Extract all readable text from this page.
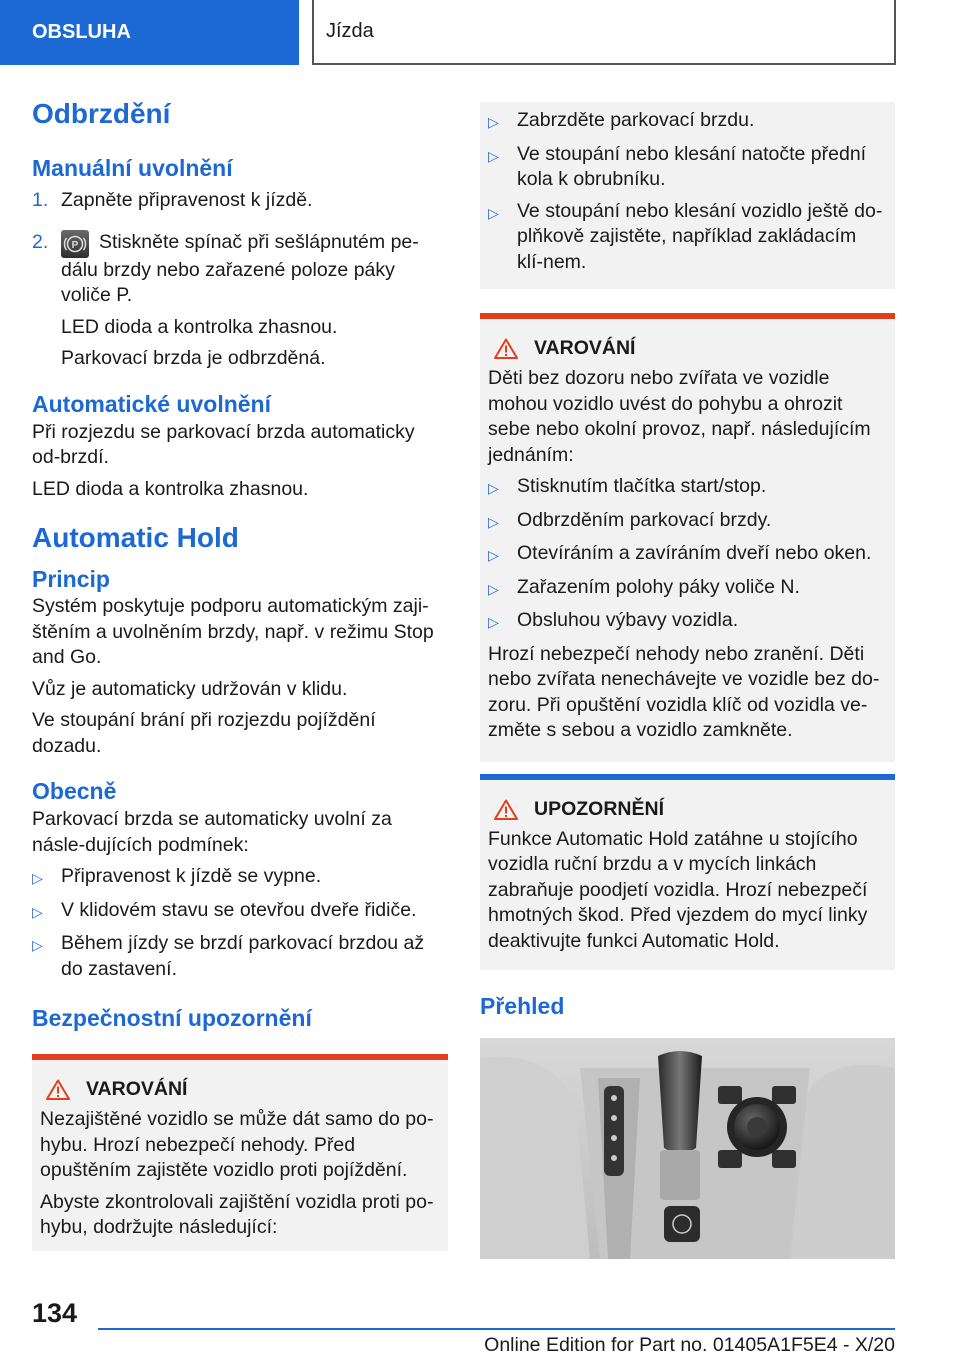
OBSLUHA	Jízda
Odbrzdění
Manuální uvolnění
1. Zapněte připravenost k jízdě.
2.	P Stiskněte spínač při sešlápnutém pe-
dálu brzdy nebo zařazené poloze páky voliče P.

LED dioda a kontrolka zhasnou.

Parkovací brzda je odbrzděná.

Automatické uvolnění

Při rozjezdu se parkovací brzda automaticky od-brzdí.

LED dioda a kontrolka zhasnou.

Automatic Hold
Princip

Systém poskytuje podporu automatickým zaji-štěním a uvolněním brzdy, např. v režimu Stop and Go.

Vůz je automaticky udržován v klidu.

Ve stoupání brání při rozjezdu pojíždění dozadu.

Obecně

Parkovací brzda se automaticky uvolní za násle-dujících podmínek:

▷ Připravenost k jízdě se vypne.
▷ V klidovém stavu se otevřou dveře řidiče.
▷ Během jízdy se brzdí parkovací brzdou až do zastavení.
Bezpečnostní upozornění
VAROVÁNÍ

Nezajištěné vozidlo se může dát samo do po-hybu. Hrozí nebezpečí nehody. Před opuštěním zajistěte vozidlo proti pojíždění.

Abyste zkontrolovali zajištění vozidla proti po-hybu, dodržujte následující:

▷ Zabrzděte parkovací brzdu.
▷ Ve stoupání nebo klesání natočte přední kola k obrubníku.
▷ Ve stoupání nebo klesání vozidlo ještě do-plňkově zajistěte, například zakládacím klí-nem.
VAROVÁNÍ

Děti bez dozoru nebo zvířata ve vozidle mohou vozidlo uvést do pohybu a ohrozit sebe nebo okolní provoz, např. následujícím jednáním:

▷ Stisknutím tlačítka start/stop.
▷ Odbrzděním parkovací brzdy.
▷ Otevíráním a zavíráním dveří nebo oken.
▷ Zařazením polohy páky voliče N.
▷ Obsluhou výbavy vozidla.

Hrozí nebezpečí nehody nebo zranění. Děti nebo zvířata nenechávejte ve vozidle bez do-zoru. Při opuštění vozidla klíč od vozidla ve-změte s sebou a vozidlo zamkněte.

UPOZORNĚNÍ

Funkce Automatic Hold zatáhne u stojícího vozidla ruční brzdu a v mycích linkách zabraňuje poodjetí vozidla. Hrozí nebezpečí hmotných škod. Před vjezdem do mycí linky deaktivujte funkci Automatic Hold.

Přehled
134
Online Edition for Part no. 01405A1F5E4 - X/20
